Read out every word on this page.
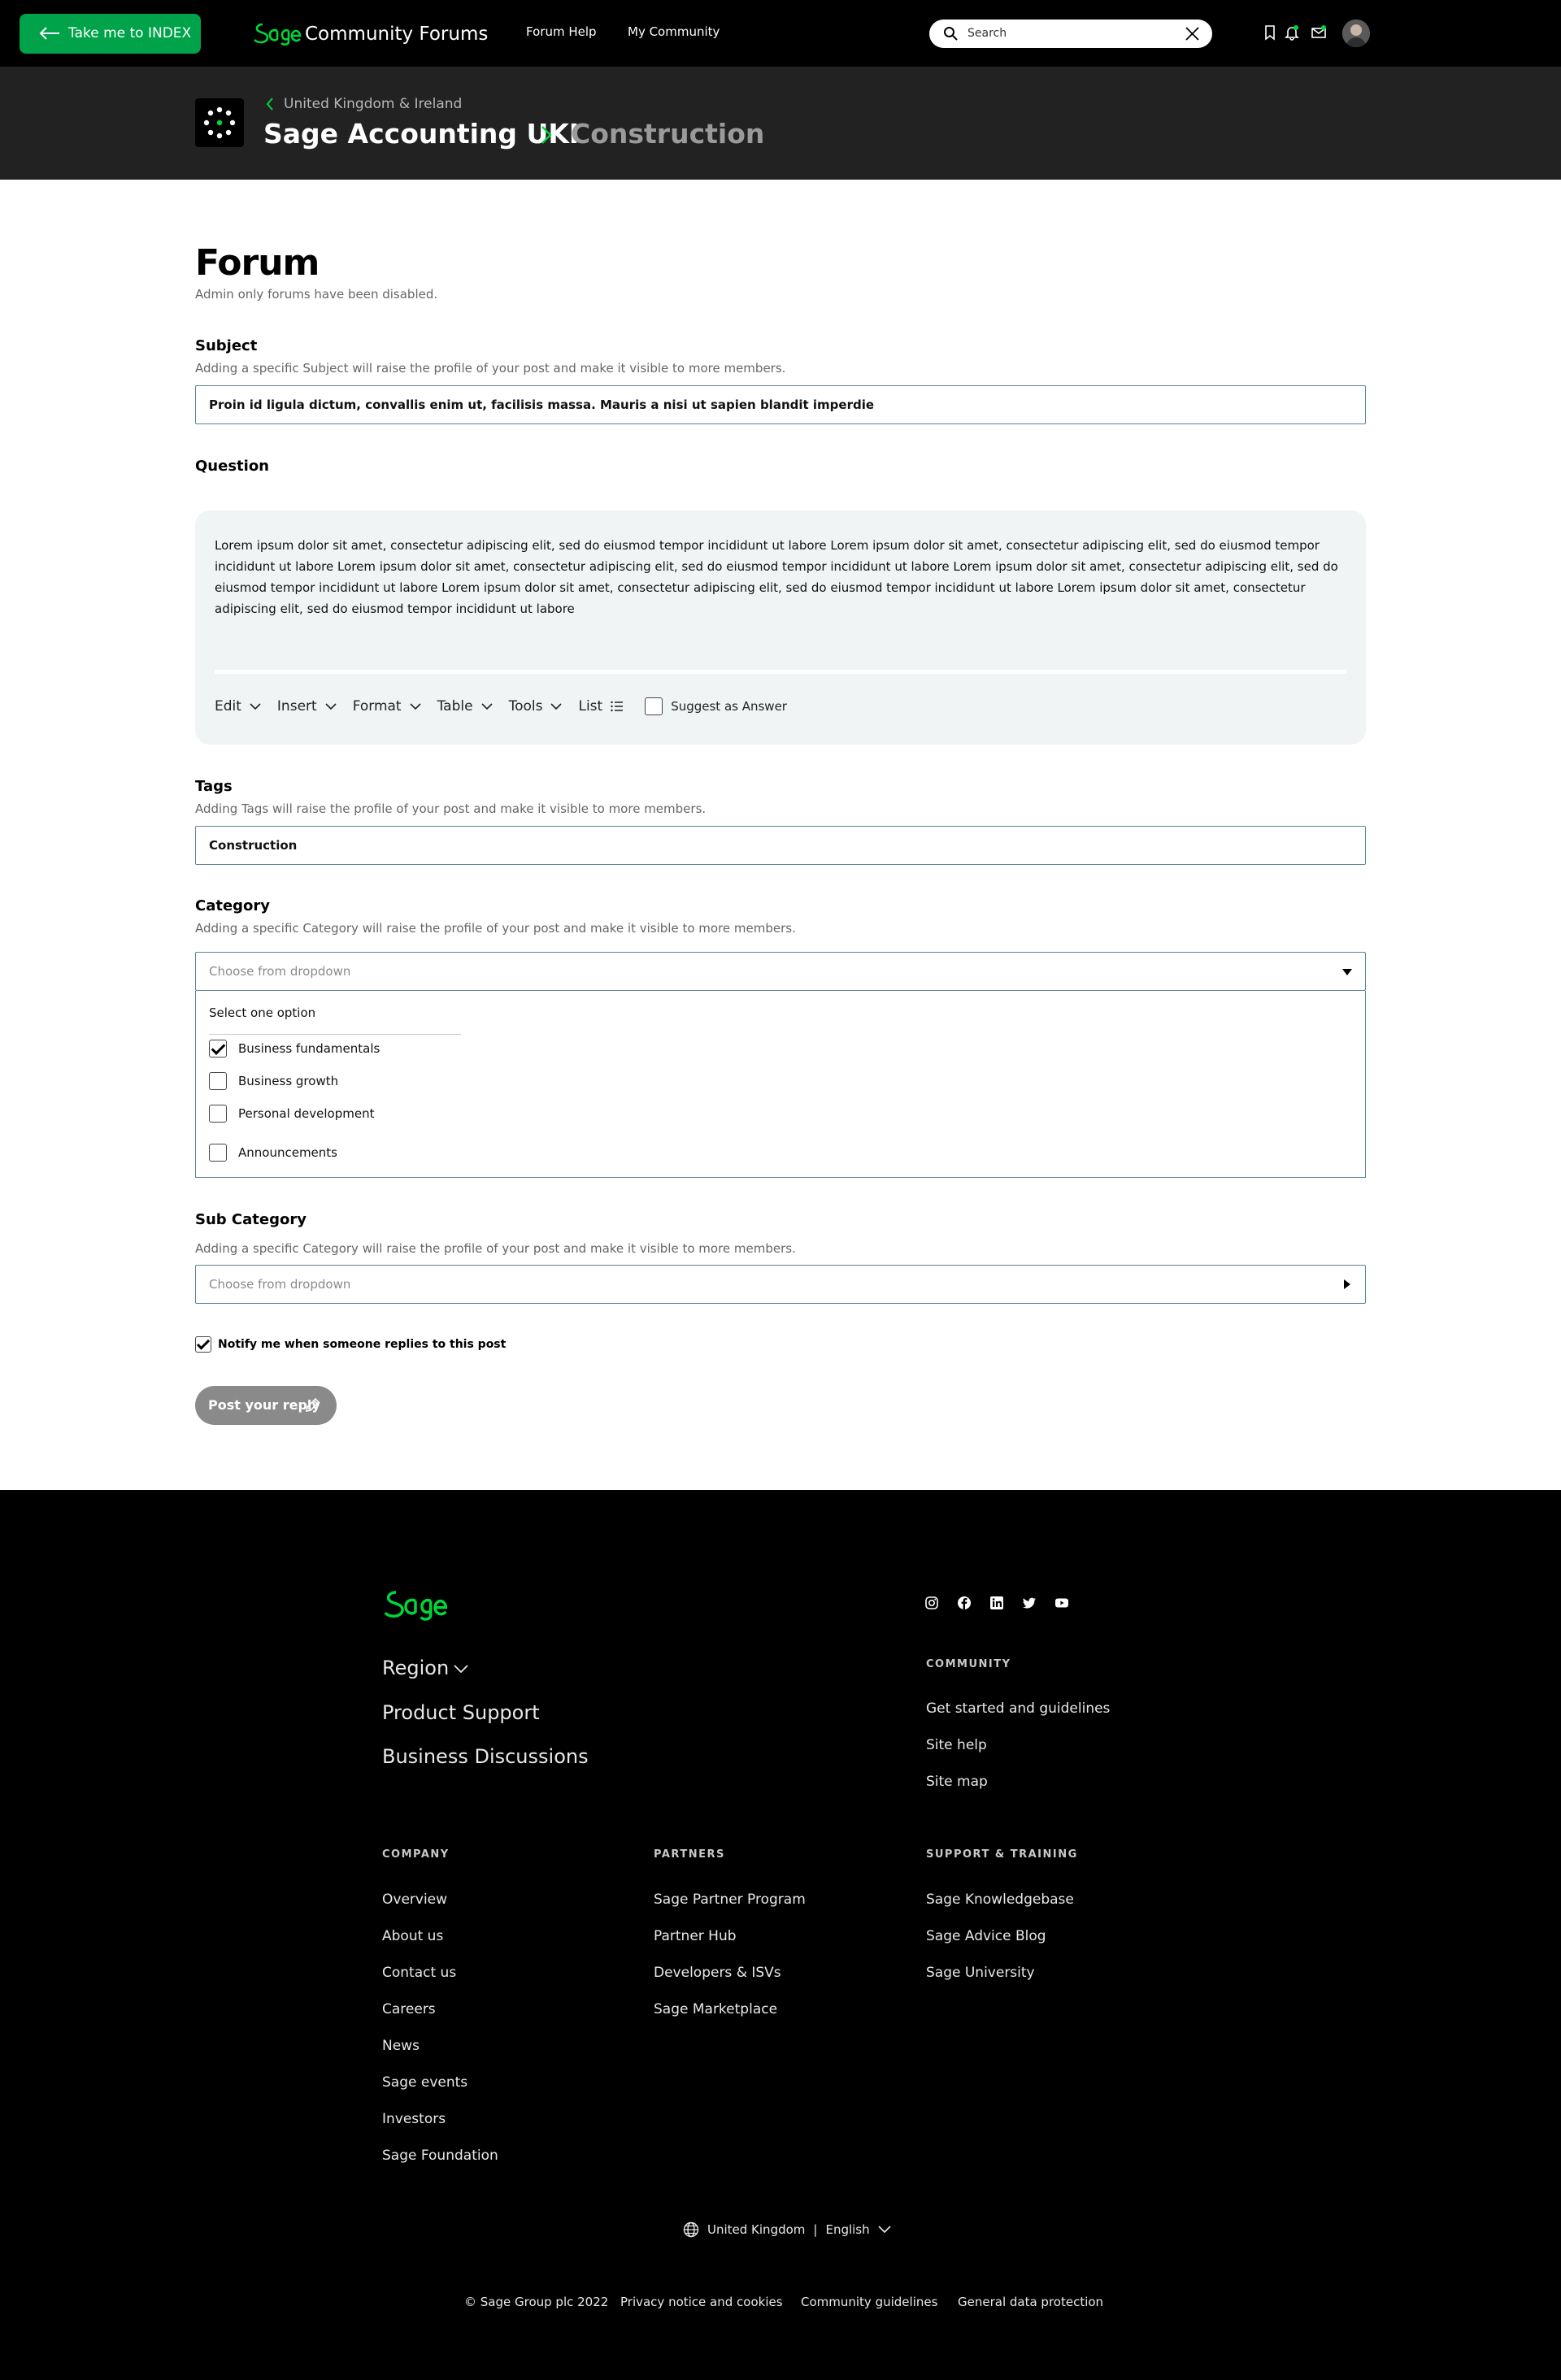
Take me to INDEX	Community Forums	Forum Help	My Community	Search
United Kingdom & Ireland
Sage Accounting UKI
Construction
Forum

Admin only forums have been disabled.

Subject

Adding a specific Subject will raise the profile of your post and make it visible to more members.

Proin id ligula dictum, convallis enim ut, facilisis massa. Mauris a nisi ut sapien blandit imperdie
Question
Lorem ipsum dolor sit amet, consectetur adipiscing elit, sed do eiusmod tempor incididunt ut labore Lorem ipsum dolor sit amet, consectetur adipiscing elit, sed do eiusmod tempor incididunt ut labore Lorem ipsum dolor sit amet, consectetur adipiscing elit, sed do eiusmod tempor incididunt ut labore Lorem ipsum dolor sit amet, consectetur adipiscing elit, sed do eiusmod tempor incididunt ut labore Lorem ipsum dolor sit amet, consectetur adipiscing elit, sed do eiusmod tempor incididunt ut labore Lorem ipsum dolor sit amet, consectetur adipiscing elit, sed do eiusmod tempor incididunt ut labore
Edit	Insert	Format	Table	Tools	List	Suggest as Answer
Tags

Adding Tags will raise the profile of your post and make it visible to more members.

Construction
Category

Adding a specific Category will raise the profile of your post and make it visible to more members.

Choose from dropdown
Select one option
Business fundamentals
Business growth
Personal development
Announcements
Sub Category

Adding a specific Category will raise the profile of your post and make it visible to more members.

Choose from dropdown
Notify me when someone replies to this post
Post your reply
Region
Product Support
Business Discussions
COMMUNITY
Get started and guidelines
Site help
Site map
COMPANY
Overview
About us
Contact us
Careers
News
Sage events
Investors
Sage Foundation
PARTNERS
Sage Partner Program
Partner Hub
Developers & ISVs
Sage Marketplace
SUPPORT & TRAINING
Sage Knowledgebase
Sage Advice Blog
Sage University
United Kingdom | English
© Sage Group plc 2022 Privacy notice and cookies Community guidelines General data protection
